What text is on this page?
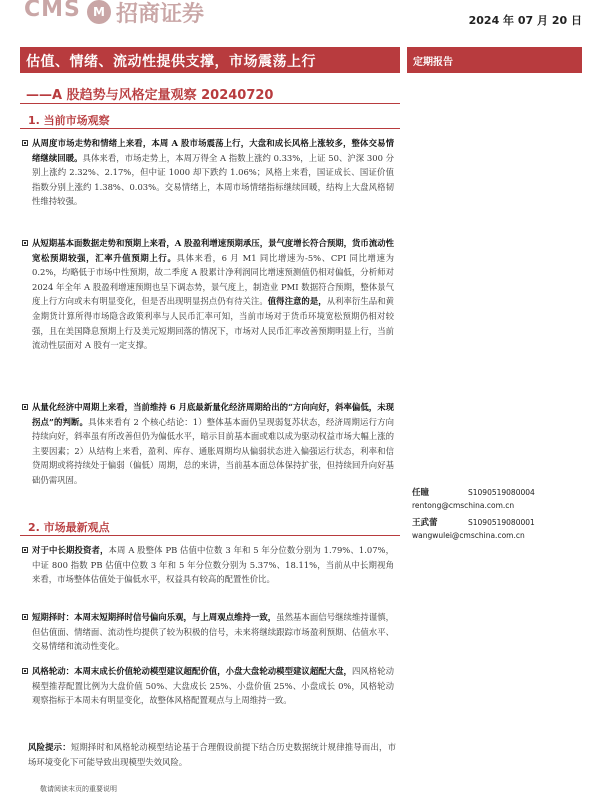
CMS	M 招商证券	2024 年 07 月 20 日
估值、情绪、流动性提供支撑，市场震荡上行	定期报告
——A 股趋势与风格定量观察 20240720
1. 当前市场观察
从周度市场走势和情绪上来看，本周 A 股市场震荡上行，大盘和成长风格上涨较多，整体交易情绪继续回暖。具体来看，市场走势上，本周万得全 A 指数上涨约 0.33%，上证 50、沪深 300 分别上涨约 2.32%、2.17%，但中证 1000 却下跌约 1.06%；风格上来看，国证成长、国证价值指数分别上涨约 1.38%、0.03%。交易情绪上，本周市场情绪指标继续回暖，结构上大盘风格韧性维持较强。
从短期基本面数据走势和预期上来看，A 股盈利增速预期承压，景气度增长符合预期，货币流动性宽松预期较强，汇率升值预期上行。具体来看，6 月 M1 同比增速为-5%、CPI 同比增速为 0.2%，均略低于市场中性预期，故二季度 A 股累计净利润同比增速预测值仍相对偏低，分析师对 2024 年全年 A 股盈利增速预期也呈下调态势，景气度上，制造业 PMI 数据符合预期，整体景气度上行方向或未有明显变化，但是否出现明显拐点仍有待关注。值得注意的是，从利率衍生品和黄金期货计算所得市场隐含政策利率与人民币汇率可知，当前市场对于货币环境宽松预期仍相对较强，且在美国降息预期上行及美元短期回落的情况下，市场对人民币汇率改善预期明显上行，当前流动性层面对 A 股有一定支撑。
从量化经济中周期上来看，当前维持 6 月底最新量化经济周期给出的“方向向好，斜率偏低，未现拐点”的判断。具体来看有 2 个核心结论：1）整体基本面仍呈现弱复苏状态，经济周期运行方向持续向好，斜率虽有所改善但仍为偏低水平，暗示目前基本面或难以成为驱动权益市场大幅上涨的主要因素；2）从结构上来看，盈利、库存、通胀周期均从偏弱状态进入偏强运行状态，利率和信贷周期或将持续处于偏弱（偏低）周期，总的来讲，当前基本面总体保持扩张，但持续回升向好基础仍需巩固。
2. 市场最新观点
对于中长期投资者，本周 A 股整体 PB 估值中位数 3 年和 5 年分位数分别为 1.79%、1.07%，中证 800 指数 PB 估值中位数 3 年和 5 年分位数分别为 5.37%、18.11%，当前从中长期视角来看，市场整体估值处于偏低水平，权益具有较高的配置性价比。
短期择时：本周末短期择时信号偏向乐观，与上周观点维持一致，虽然基本面信号继续维持谨慎，但估值面、情绪面、流动性均提供了较为积极的信号，未来将继续跟踪市场盈利预期、估值水平、交易情绪和流动性变化。
风格轮动：本周末成长价值轮动模型建议超配价值，小盘大盘轮动模型建议超配大盘，四风格轮动模型推荐配置比例为大盘价值 50%、大盘成长 25%、小盘价值 25%、小盘成长 0%，风格轮动观察指标于本周未有明显变化，故整体风格配置观点与上周维持一致。
任瞳	S1090519080004
rentong@cmschina.com.cn
王武蕾	S1090519080001
wangwulei@cmschina.com.cn
风险提示：短期择时和风格轮动模型结论基于合理假设前提下结合历史数据统计规律推导而出，市场环境变化下可能导致出现模型失效风险。
敬请阅读末页的重要说明
